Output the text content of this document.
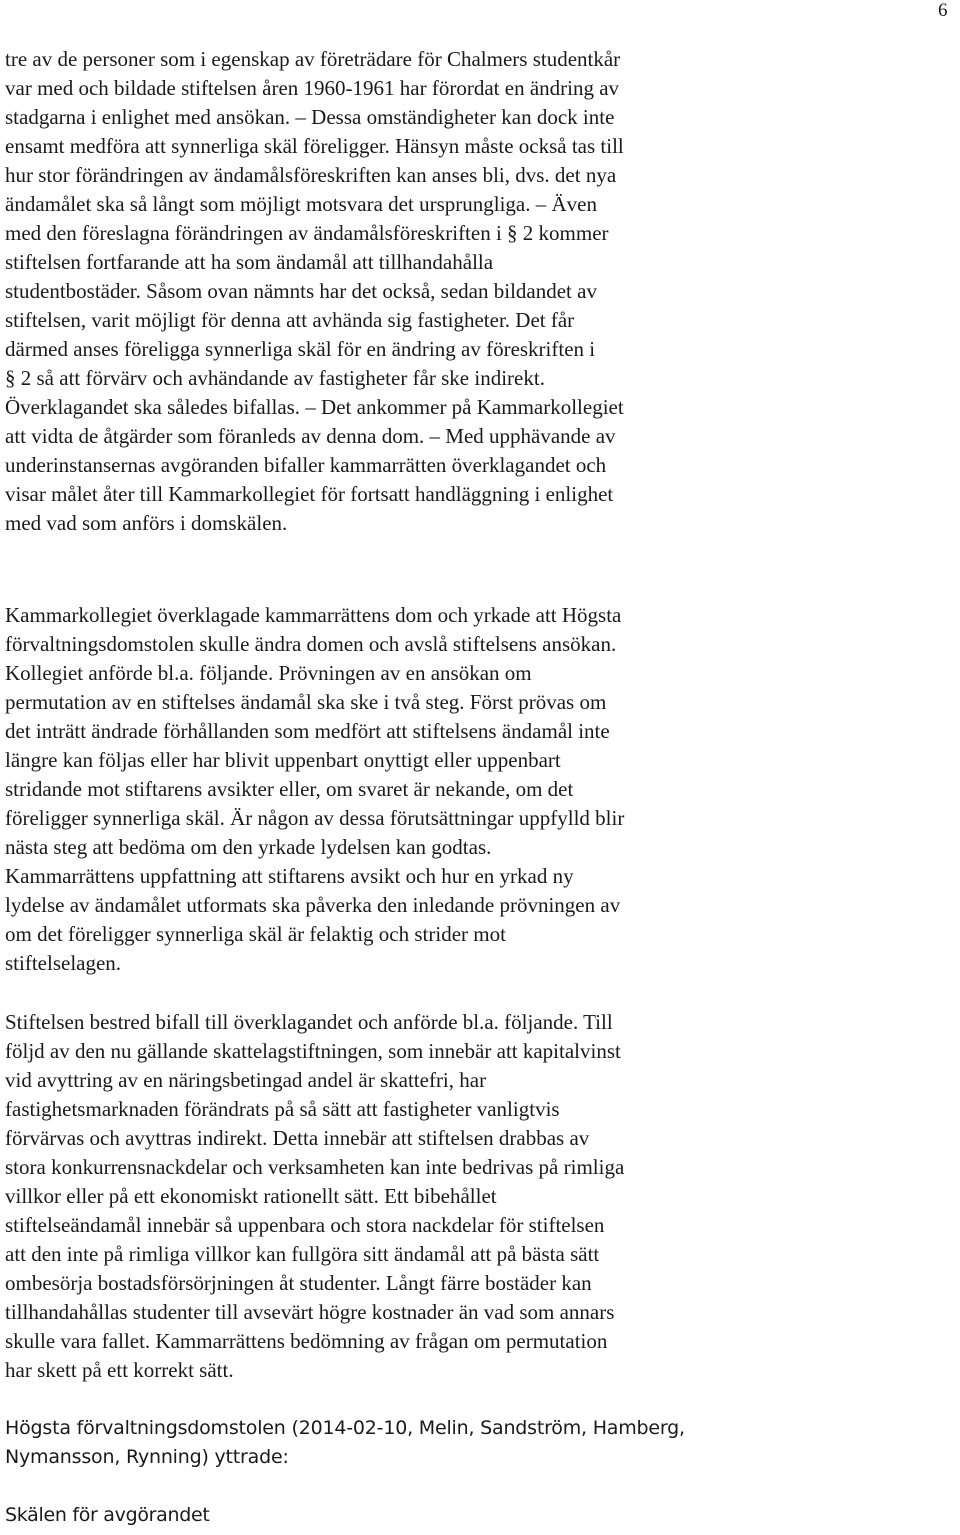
6
tre av de personer som i egenskap av företrädare för Chalmers studentkår
var med och bildade stiftelsen åren 1960-1961 har förordat en ändring av
stadgarna i enlighet med ansökan. – Dessa omständigheter kan dock inte
ensamt medföra att synnerliga skäl föreligger. Hänsyn måste också tas till
hur stor förändringen av ändamålsföreskriften kan anses bli, dvs. det nya
ändamålet ska så långt som möjligt motsvara det ursprungliga. – Även
med den föreslagna förändringen av ändamålsföreskriften i § 2 kommer
stiftelsen fortfarande att ha som ändamål att tillhandahålla
studentbostäder. Såsom ovan nämnts har det också, sedan bildandet av
stiftelsen, varit möjligt för denna att avhända sig fastigheter. Det får
därmed anses föreligga synnerliga skäl för en ändring av föreskriften i
§ 2 så att förvärv och avhändande av fastigheter får ske indirekt.
Överklagandet ska således bifallas. – Det ankommer på Kammarkollegiet
att vidta de åtgärder som föranleds av denna dom. – Med upphävande av
underinstansernas avgöranden bifaller kammarrätten överklagandet och
visar målet åter till Kammarkollegiet för fortsatt handläggning i enlighet
med vad som anförs i domskälen.
Kammarkollegiet överklagade kammarrättens dom och yrkade att Högsta
förvaltningsdomstolen skulle ändra domen och avslå stiftelsens ansökan.
Kollegiet anförde bl.a. följande. Prövningen av en ansökan om
permutation av en stiftelses ändamål ska ske i två steg. Först prövas om
det inträtt ändrade förhållanden som medfört att stiftelsens ändamål inte
längre kan följas eller har blivit uppenbart onyttigt eller uppenbart
stridande mot stiftarens avsikter eller, om svaret är nekande, om det
föreligger synnerliga skäl. Är någon av dessa förutsättningar uppfylld blir
nästa steg att bedöma om den yrkade lydelsen kan godtas.
Kammarrättens uppfattning att stiftarens avsikt och hur en yrkad ny
lydelse av ändamålet utformats ska påverka den inledande prövningen av
om det föreligger synnerliga skäl är felaktig och strider mot
stiftelselagen.
Stiftelsen bestred bifall till överklagandet och anförde bl.a. följande. Till
följd av den nu gällande skattelagstiftningen, som innebär att kapitalvinst
vid avyttring av en näringsbetingad andel är skattefri, har
fastighetsmarknaden förändrats på så sätt att fastigheter vanligtvis
förvärvas och avyttras indirekt. Detta innebär att stiftelsen drabbas av
stora konkurrensnackdelar och verksamheten kan inte bedrivas på rimliga
villkor eller på ett ekonomiskt rationellt sätt. Ett bibehållet
stiftelseändamål innebär så uppenbara och stora nackdelar för stiftelsen
att den inte på rimliga villkor kan fullgöra sitt ändamål att på bästa sätt
ombesörja bostadsförsörjningen åt studenter. Långt färre bostäder kan
tillhandahållas studenter till avsevärt högre kostnader än vad som annars
skulle vara fallet. Kammarrättens bedömning av frågan om permutation
har skett på ett korrekt sätt.
Högsta förvaltningsdomstolen (2014-02-10, Melin, Sandström, Hamberg,
Nymansson, Rynning) yttrade:
Skälen för avgörandet
